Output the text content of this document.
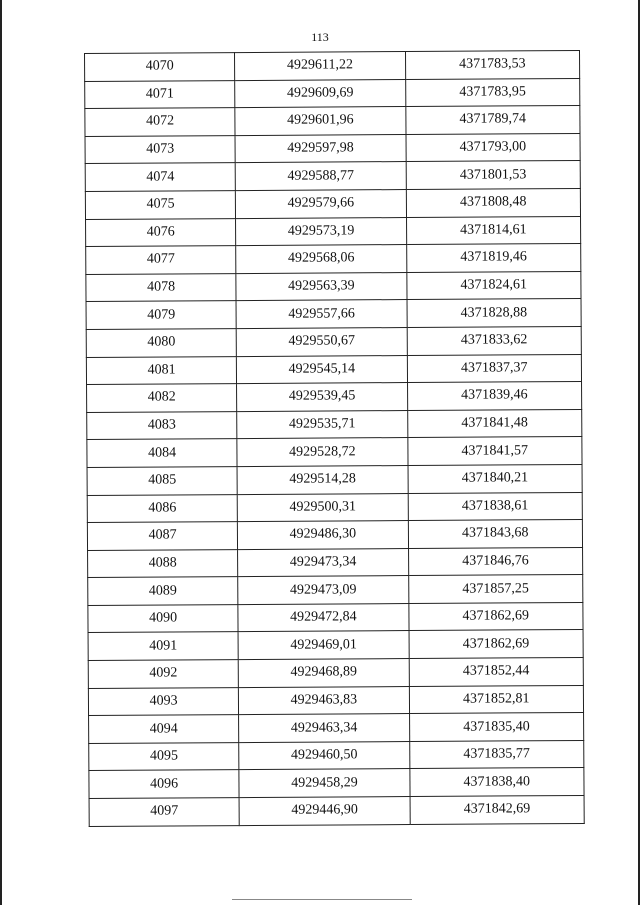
113
4070	4929611,22	4371783,53
4071	4929609,69	4371783,95
4072	4929601,96	4371789,74
4073	4929597,98	4371793,00
4074	4929588,77	4371801,53
4075	4929579,66	4371808,48
4076	4929573,19	4371814,61
4077	4929568,06	4371819,46
4078	4929563,39	4371824,61
4079	4929557,66	4371828,88
4080	4929550,67	4371833,62
4081	4929545,14	4371837,37
4082	4929539,45	4371839,46
4083	4929535,71	4371841,48
4084	4929528,72	4371841,57
4085	4929514,28	4371840,21
4086	4929500,31	4371838,61
4087	4929486,30	4371843,68
4088	4929473,34	4371846,76
4089	4929473,09	4371857,25
4090	4929472,84	4371862,69
4091	4929469,01	4371862,69
4092	4929468,89	4371852,44
4093	4929463,83	4371852,81
4094	4929463,34	4371835,40
4095	4929460,50	4371835,77
4096	4929458,29	4371838,40
4097	4929446,90	4371842,69
